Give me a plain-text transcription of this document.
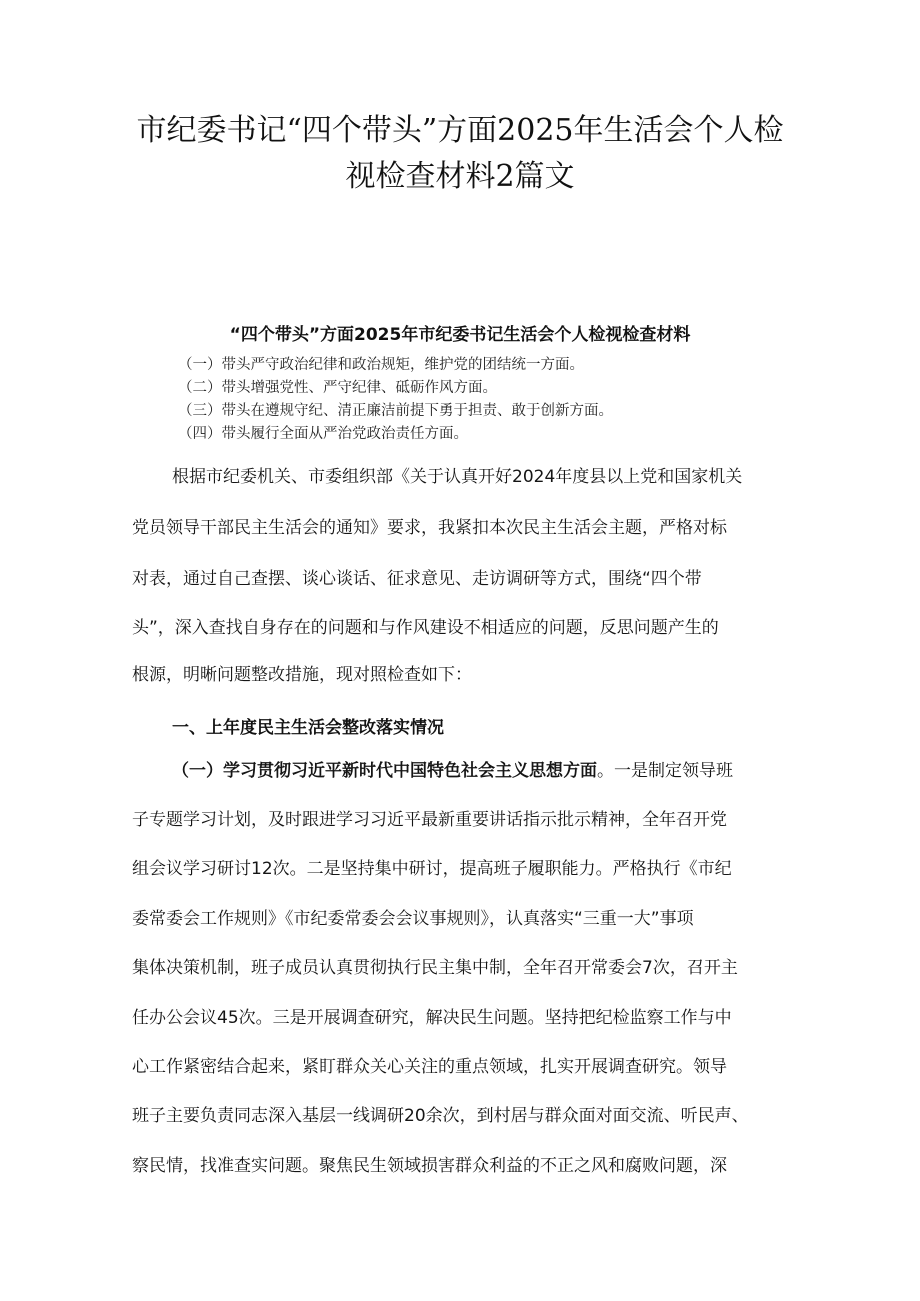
市纪委书记“四个带头”方面2025年生活会个人检
视检查材料2篇文
“四个带头”方面2025年市纪委书记生活会个人检视检查材料
（一）带头严守政治纪律和政治规矩，维护党的团结统一方面。
（二）带头增强党性、严守纪律、砥砺作风方面。
（三）带头在遵规守纪、清正廉洁前提下勇于担责、敢于创新方面。
（四）带头履行全面从严治党政治责任方面。
根据市纪委机关、市委组织部《关于认真开好2024年度县以上党和国家机关
党员领导干部民主生活会的通知》要求，我紧扣本次民主生活会主题，严格对标
对表，通过自己查摆、谈心谈话、征求意见、走访调研等方式，围绕“四个带
头”，深入查找自身存在的问题和与作风建设不相适应的问题，反思问题产生的
根源，明晰问题整改措施，现对照检查如下：
一、上年度民主生活会整改落实情况
（一）学习贯彻习近平新时代中国特色社会主义思想方面。一是制定领导班
子专题学习计划，及时跟进学习习近平最新重要讲话指示批示精神，全年召开党
组会议学习研讨12次。二是坚持集中研讨，提高班子履职能力。严格执行《市纪
委常委会工作规则》《市纪委常委会会议事规则》，认真落实“三重一大”事项
集体决策机制，班子成员认真贯彻执行民主集中制，全年召开常委会7次，召开主
任办公会议45次。三是开展调查研究，解决民生问题。坚持把纪检监察工作与中
心工作紧密结合起来，紧盯群众关心关注的重点领域，扎实开展调查研究。领导
班子主要负责同志深入基层一线调研20余次，到村居与群众面对面交流、听民声、
察民情，找准查实问题。聚焦民生领域损害群众利益的不正之风和腐败问题，深
